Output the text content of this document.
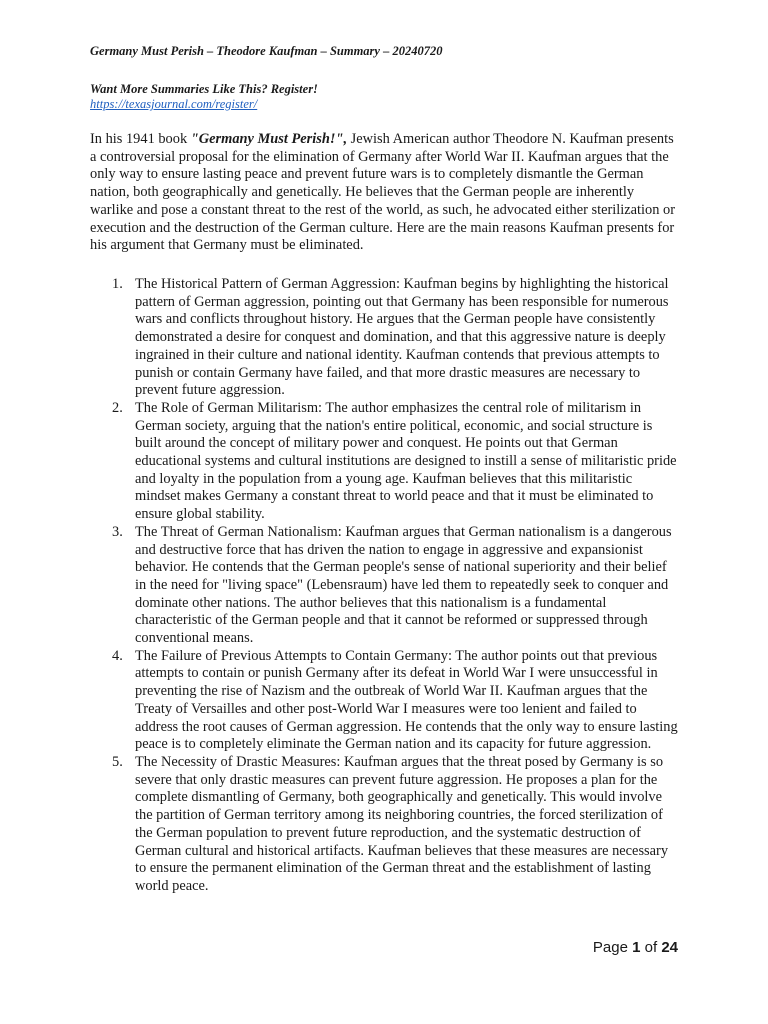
Germany Must Perish – Theodore Kaufman – Summary – 20240720
Want More Summaries Like This? Register!
https://texasjournal.com/register/

In his 1941 book "Germany Must Perish!", Jewish American author Theodore N. Kaufman presents a controversial proposal for the elimination of Germany after World War II. Kaufman argues that the only way to ensure lasting peace and prevent future wars is to completely dismantle the German nation, both geographically and genetically. He believes that the German people are inherently warlike and pose a constant threat to the rest of the world, as such, he advocated either sterilization or execution and the destruction of the German culture. Here are the main reasons Kaufman presents for his argument that Germany must be eliminated.

1. The Historical Pattern of German Aggression: Kaufman begins by highlighting the historical pattern of German aggression, pointing out that Germany has been responsible for numerous wars and conflicts throughout history. He argues that the German people have consistently demonstrated a desire for conquest and domination, and that this aggressive nature is deeply ingrained in their culture and national identity. Kaufman contends that previous attempts to punish or contain Germany have failed, and that more drastic measures are necessary to prevent future aggression.
2. The Role of German Militarism: The author emphasizes the central role of militarism in German society, arguing that the nation's entire political, economic, and social structure is built around the concept of military power and conquest. He points out that German educational systems and cultural institutions are designed to instill a sense of militaristic pride and loyalty in the population from a young age. Kaufman believes that this militaristic mindset makes Germany a constant threat to world peace and that it must be eliminated to ensure global stability.
3. The Threat of German Nationalism: Kaufman argues that German nationalism is a dangerous and destructive force that has driven the nation to engage in aggressive and expansionist behavior. He contends that the German people's sense of national superiority and their belief in the need for "living space" (Lebensraum) have led them to repeatedly seek to conquer and dominate other nations. The author believes that this nationalism is a fundamental characteristic of the German people and that it cannot be reformed or suppressed through conventional means.
4. The Failure of Previous Attempts to Contain Germany: The author points out that previous attempts to contain or punish Germany after its defeat in World War I were unsuccessful in preventing the rise of Nazism and the outbreak of World War II. Kaufman argues that the Treaty of Versailles and other post-World War I measures were too lenient and failed to address the root causes of German aggression. He contends that the only way to ensure lasting peace is to completely eliminate the German nation and its capacity for future aggression.
5. The Necessity of Drastic Measures: Kaufman argues that the threat posed by Germany is so severe that only drastic measures can prevent future aggression. He proposes a plan for the complete dismantling of Germany, both geographically and genetically. This would involve the partition of German territory among its neighboring countries, the forced sterilization of the German population to prevent future reproduction, and the systematic destruction of German cultural and historical artifacts. Kaufman believes that these measures are necessary to ensure the permanent elimination of the German threat and the establishment of lasting world peace.
Page 1 of 24
